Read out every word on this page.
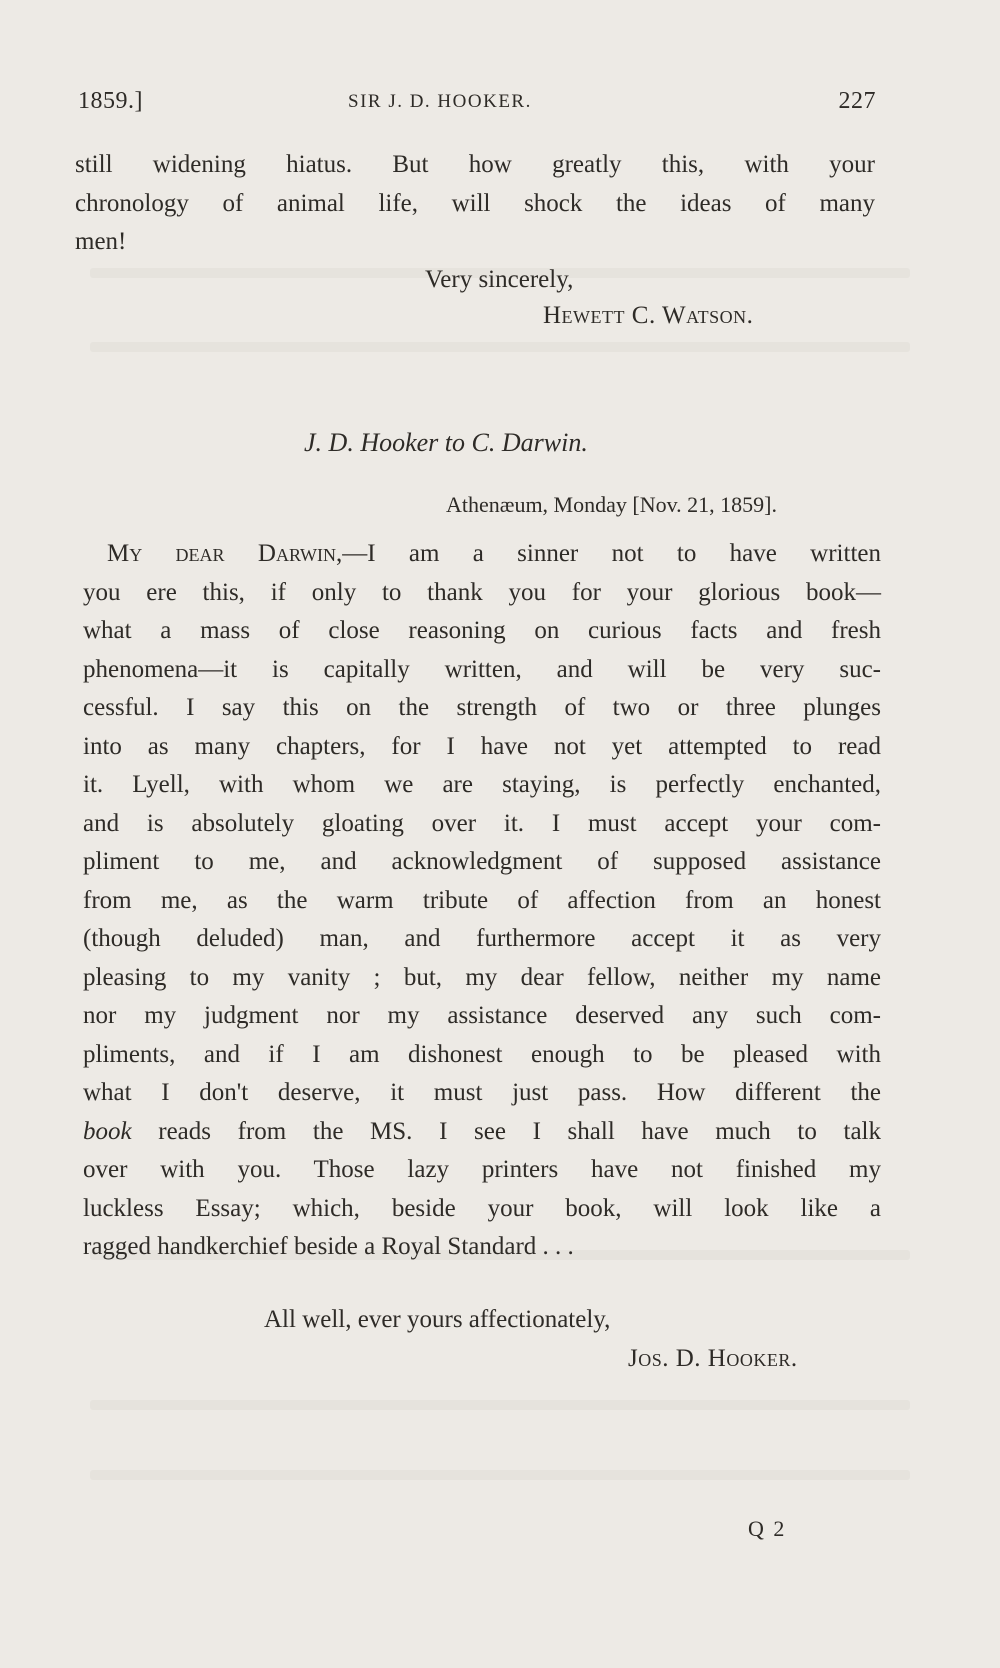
1859.]	SIR J. D. HOOKER.	227
still widening hiatus. But how greatly this, with your
chronology of animal life, will shock the ideas of many
men!
Very sincerely,
Hewett C. Watson.
J. D. Hooker to C. Darwin.
Athenæum, Monday [Nov. 21, 1859].
My dear Darwin,—I am a sinner not to have written
you ere this, if only to thank you for your glorious book—
what a mass of close reasoning on curious facts and fresh
phenomena—it is capitally written, and will be very suc-
cessful. I say this on the strength of two or three plunges
into as many chapters, for I have not yet attempted to read
it. Lyell, with whom we are staying, is perfectly enchanted,
and is absolutely gloating over it. I must accept your com-
pliment to me, and acknowledgment of supposed assistance
from me, as the warm tribute of affection from an honest
(though deluded) man, and furthermore accept it as very
pleasing to my vanity ; but, my dear fellow, neither my name
nor my judgment nor my assistance deserved any such com-
pliments, and if I am dishonest enough to be pleased with
what I don't deserve, it must just pass. How different the
book reads from the MS. I see I shall have much to talk
over with you. Those lazy printers have not finished my
luckless Essay; which, beside your book, will look like a
ragged handkerchief beside a Royal Standard . . .
All well, ever yours affectionately,
Jos. D. Hooker.
Q 2
